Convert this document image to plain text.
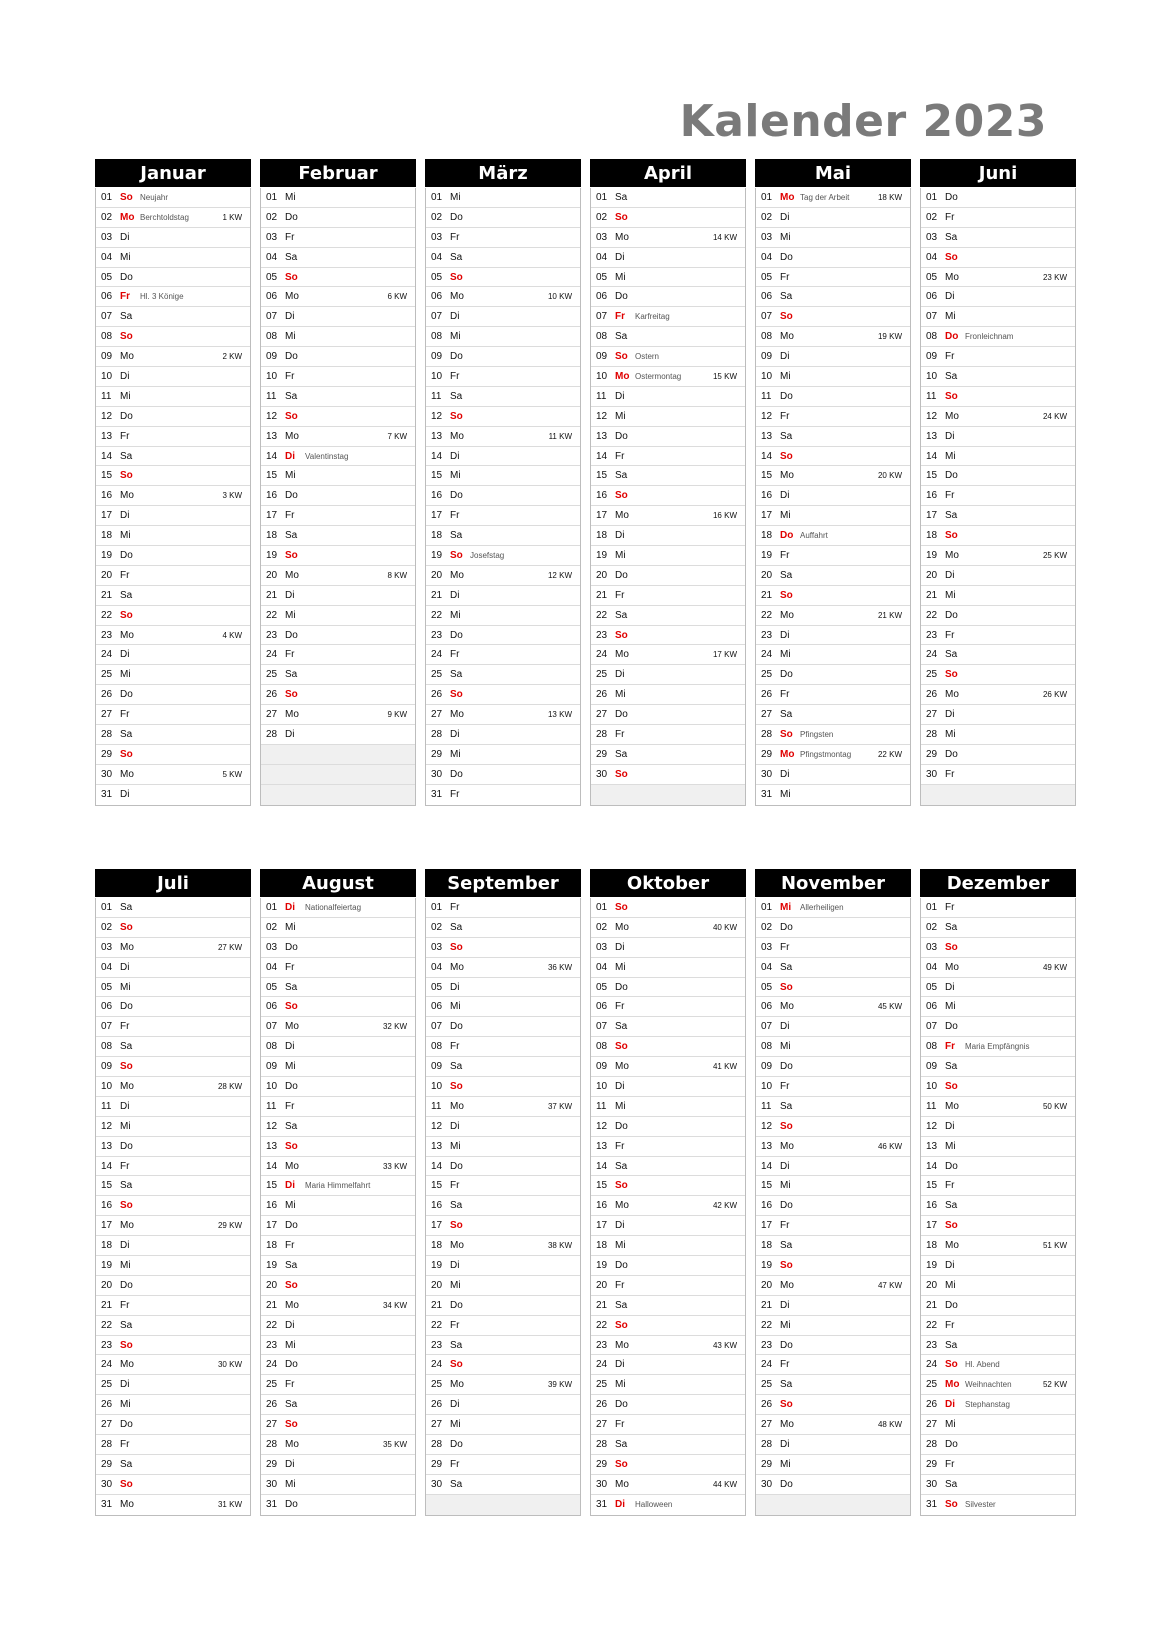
Kalender 2023
Januar
01 So Neujahr
02 Mo Berchtoldstag	1 KW
03 Di
04 Mi
05 Do
06 Fr	Hl. 3 Könige
07 Sa
08 So
09 Mo	2 KW
10 Di
11 Mi
12 Do
13 Fr
14 Sa
15 So
16 Mo	3 KW
17 Di
18 Mi
19 Do
20 Fr
21 Sa
22 So
23 Mo	4 KW
24 Di
25 Mi
26 Do
27 Fr
28 Sa
29 So
30 Mo	5 KW
31 Di
Februar
01 Mi
02 Do
03 Fr
04 Sa
05 So
06 Mo	6 KW
07 Di
08 Mi
09 Do
10 Fr
11 Sa
12 So
13 Mo	7 KW
14 Di	Valentinstag
15 Mi
16 Do
17 Fr
18 Sa
19 So
20 Mo	8 KW
21 Di
22 Mi
23 Do
24 Fr
25 Sa
26 So
27 Mo	9 KW
28 Di
März
01 Mi
02 Do
03 Fr
04 Sa
05 So
06 Mo	10 KW
07 Di
08 Mi
09 Do
10 Fr
11 Sa
12 So
13 Mo	11 KW
14 Di
15 Mi
16 Do
17 Fr
18 Sa
19 So Josefstag
20 Mo	12 KW
21 Di
22 Mi
23 Do
24 Fr
25 Sa
26 So
27 Mo	13 KW
28 Di
29 Mi
30 Do
31 Fr
April
01 Sa
02 So
03 Mo	14 KW
04 Di
05 Mi
06 Do
07 Fr	Karfreitag
08 Sa
09 So Ostern
10 Mo Ostermontag	15 KW
11 Di
12 Mi
13 Do
14 Fr
15 Sa
16 So
17 Mo	16 KW
18 Di
19 Mi
20 Do
21 Fr
22 Sa
23 So
24 Mo	17 KW
25 Di
26 Mi
27 Do
28 Fr
29 Sa
30 So
Mai
01 Mo Tag der Arbeit	18 KW
02 Di
03 Mi
04 Do
05 Fr
06 Sa
07 So
08 Mo	19 KW
09 Di
10 Mi
11 Do
12 Fr
13 Sa
14 So
15 Mo	20 KW
16 Di
17 Mi
18 Do Auffahrt
19 Fr
20 Sa
21 So
22 Mo	21 KW
23 Di
24 Mi
25 Do
26 Fr
27 Sa
28 So Pfingsten
29 Mo Pfingstmontag	22 KW
30 Di
31 Mi
Juni
01 Do
02 Fr
03 Sa
04 So
05 Mo	23 KW
06 Di
07 Mi
08 Do Fronleichnam
09 Fr
10 Sa
11 So
12 Mo	24 KW
13 Di
14 Mi
15 Do
16 Fr
17 Sa
18 So
19 Mo	25 KW
20 Di
21 Mi
22 Do
23 Fr
24 Sa
25 So
26 Mo	26 KW
27 Di
28 Mi
29 Do
30 Fr
Juli
01 Sa
02 So
03 Mo	27 KW
04 Di
05 Mi
06 Do
07 Fr
08 Sa
09 So
10 Mo	28 KW
11 Di
12 Mi
13 Do
14 Fr
15 Sa
16 So
17 Mo	29 KW
18 Di
19 Mi
20 Do
21 Fr
22 Sa
23 So
24 Mo	30 KW
25 Di
26 Mi
27 Do
28 Fr
29 Sa
30 So
31 Mo	31 KW
August
01 Di	Nationalfeiertag
02 Mi
03 Do
04 Fr
05 Sa
06 So
07 Mo	32 KW
08 Di
09 Mi
10 Do
11 Fr
12 Sa
13 So
14 Mo	33 KW
15 Di	Maria Himmelfahrt
16 Mi
17 Do
18 Fr
19 Sa
20 So
21 Mo	34 KW
22 Di
23 Mi
24 Do
25 Fr
26 Sa
27 So
28 Mo	35 KW
29 Di
30 Mi
31 Do
September
01 Fr
02 Sa
03 So
04 Mo	36 KW
05 Di
06 Mi
07 Do
08 Fr
09 Sa
10 So
11 Mo	37 KW
12 Di
13 Mi
14 Do
15 Fr
16 Sa
17 So
18 Mo	38 KW
19 Di
20 Mi
21 Do
22 Fr
23 Sa
24 So
25 Mo	39 KW
26 Di
27 Mi
28 Do
29 Fr
30 Sa
Oktober
01 So
02 Mo	40 KW
03 Di
04 Mi
05 Do
06 Fr
07 Sa
08 So
09 Mo	41 KW
10 Di
11 Mi
12 Do
13 Fr
14 Sa
15 So
16 Mo	42 KW
17 Di
18 Mi
19 Do
20 Fr
21 Sa
22 So
23 Mo	43 KW
24 Di
25 Mi
26 Do
27 Fr
28 Sa
29 So
30 Mo	44 KW
31 Di	Halloween
November
01 Mi	Allerheiligen
02 Do
03 Fr
04 Sa
05 So
06 Mo	45 KW
07 Di
08 Mi
09 Do
10 Fr
11 Sa
12 So
13 Mo	46 KW
14 Di
15 Mi
16 Do
17 Fr
18 Sa
19 So
20 Mo	47 KW
21 Di
22 Mi
23 Do
24 Fr
25 Sa
26 So
27 Mo	48 KW
28 Di
29 Mi
30 Do
Dezember
01 Fr
02 Sa
03 So
04 Mo	49 KW
05 Di
06 Mi
07 Do
08 Fr	Maria Empfängnis
09 Sa
10 So
11 Mo	50 KW
12 Di
13 Mi
14 Do
15 Fr
16 Sa
17 So
18 Mo	51 KW
19 Di
20 Mi
21 Do
22 Fr
23 Sa
24 So Hl. Abend
25 Mo Weihnachten	52 KW
26 Di	Stephanstag
27 Mi
28 Do
29 Fr
30 Sa
31 So Silvester
